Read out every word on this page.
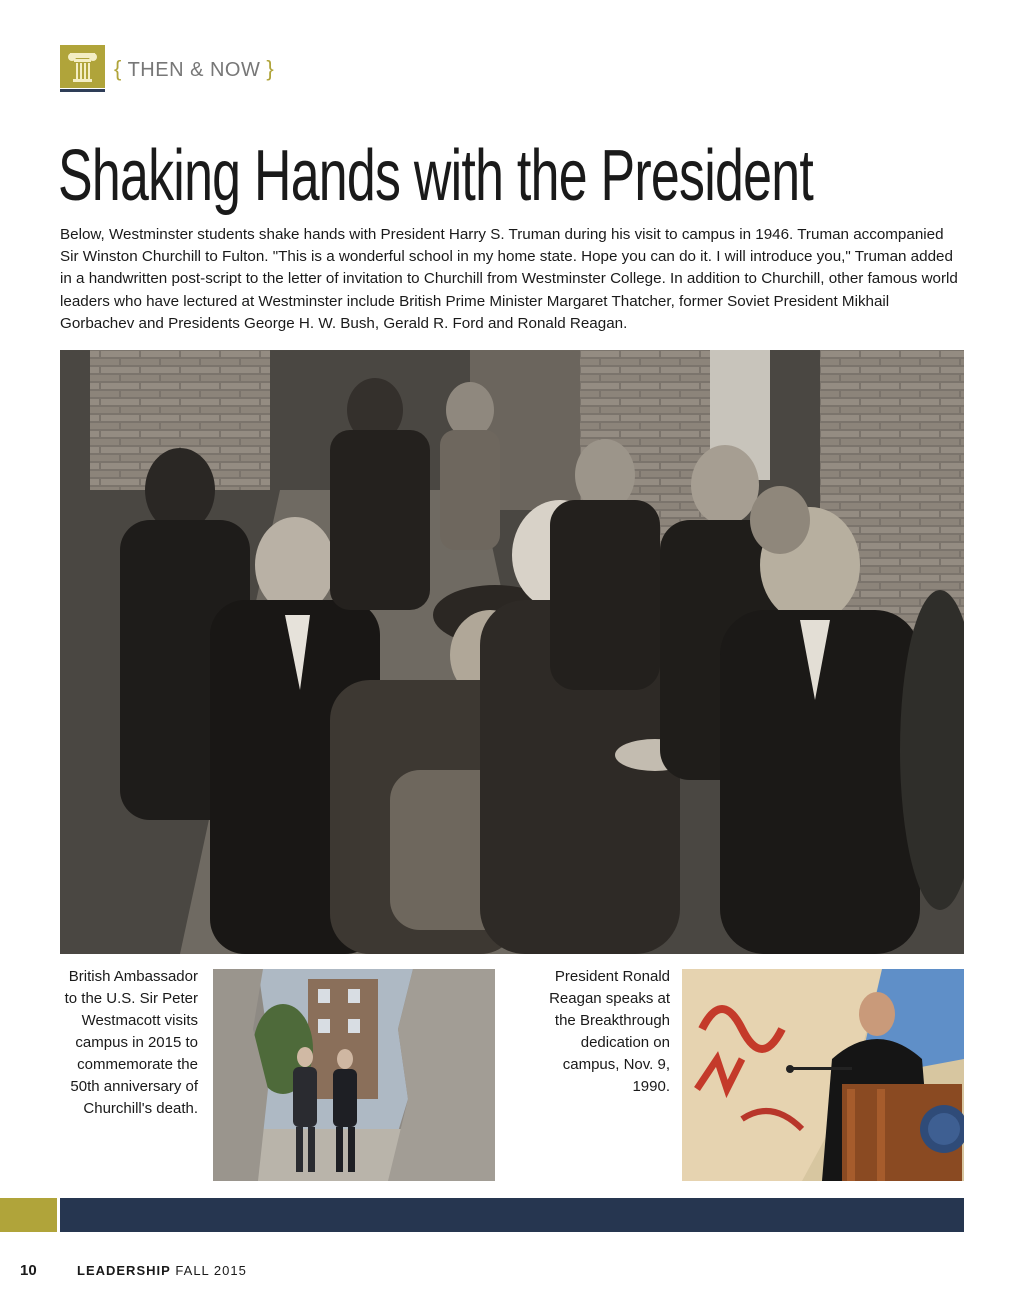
{ THEN & NOW }
Shaking Hands with the President
Below, Westminster students shake hands with President Harry S. Truman during his visit to campus in 1946. Truman accompanied Sir Winston Churchill to Fulton. "This is a wonderful school in my home state. Hope you can do it. I will introduce you," Truman added in a handwritten post-script to the letter of invitation to Churchill from Westminster College. In addition to Churchill, other famous world leaders who have lectured at Westminster include British Prime Minister Margaret Thatcher, former Soviet President Mikhail Gorbachev and Presidents George H. W. Bush, Gerald R. Ford and Ronald Reagan.
British Ambassador to the U.S. Sir Peter Westmacott visits campus in 2015 to commemorate the 50th anniversary of Churchill's death.
President Ronald Reagan speaks at the Breakthrough dedication on campus, Nov. 9, 1990.
10	LEADERSHIP FALL 2015
